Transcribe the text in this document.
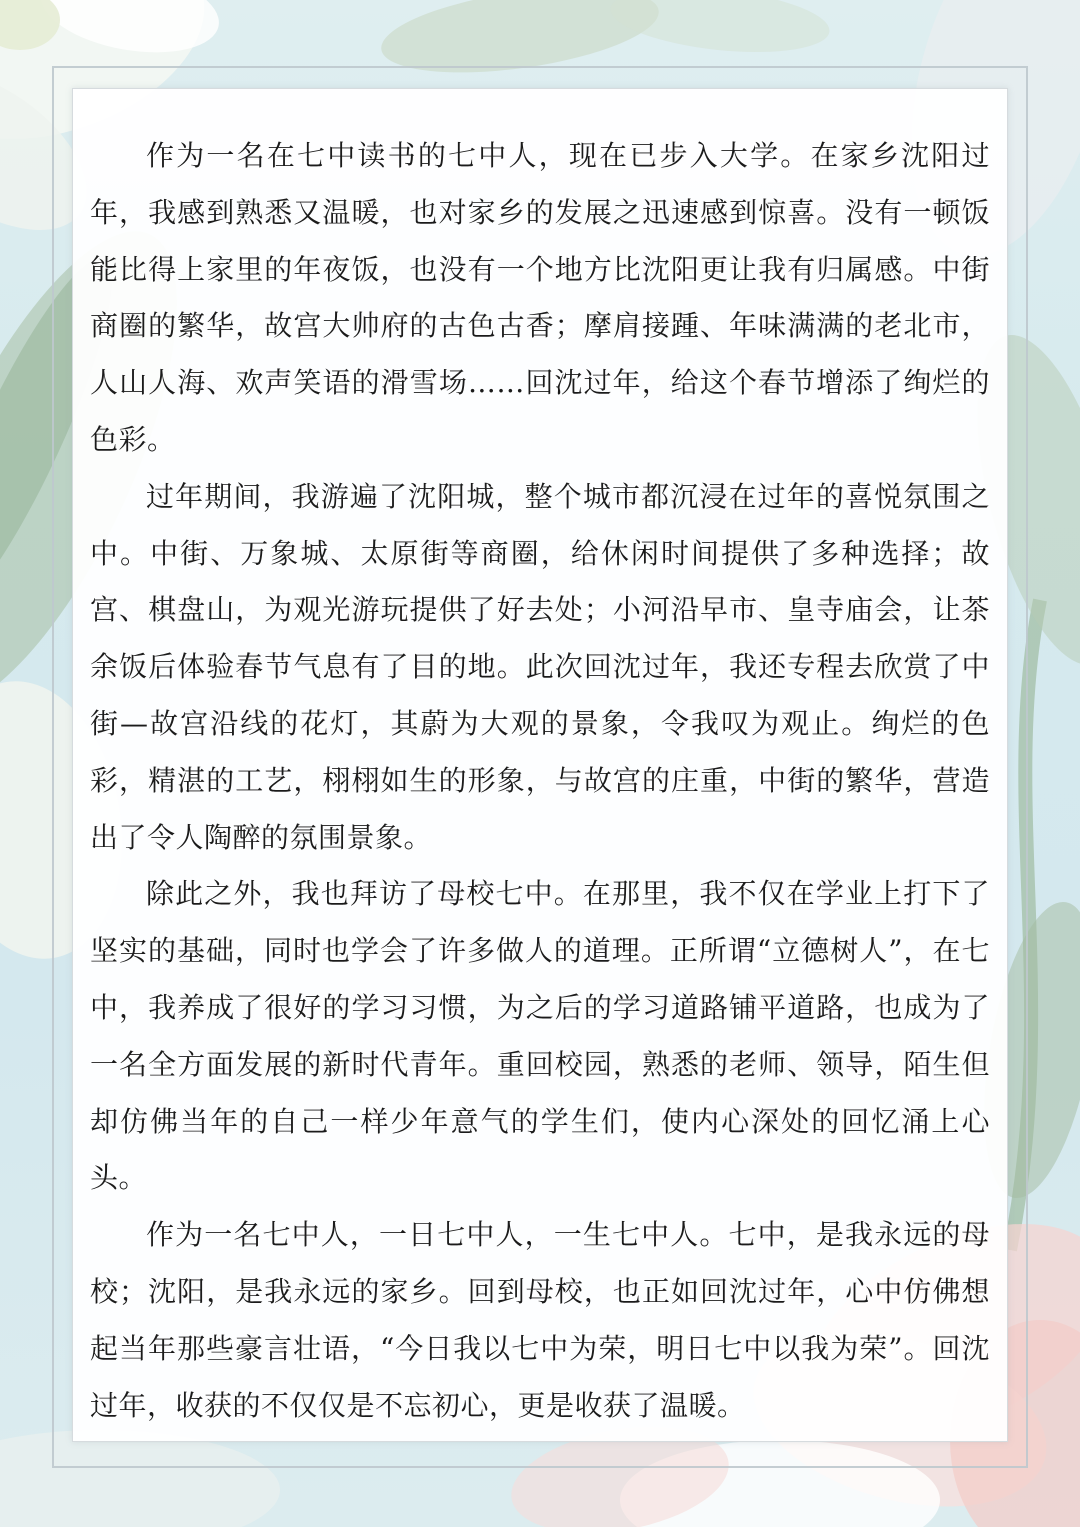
作为一名在七中读书的七中人，现在已步入大学。在家乡沈阳过年，我感到熟悉又温暖，也对家乡的发展之迅速感到惊喜。没有一顿饭能比得上家里的年夜饭，也没有一个地方比沈阳更让我有归属感。中街商圈的繁华，故宫大帅府的古色古香；摩肩接踵、年味满满的老北市，人山人海、欢声笑语的滑雪场……回沈过年，给这个春节增添了绚烂的色彩。

过年期间，我游遍了沈阳城，整个城市都沉浸在过年的喜悦氛围之中。中街、万象城、太原街等商圈，给休闲时间提供了多种选择；故宫、棋盘山，为观光游玩提供了好去处；小河沿早市、皇寺庙会，让茶余饭后体验春节气息有了目的地。此次回沈过年，我还专程去欣赏了中街—故宫沿线的花灯，其蔚为大观的景象，令我叹为观止。绚烂的色彩，精湛的工艺，栩栩如生的形象，与故宫的庄重，中街的繁华，营造出了令人陶醉的氛围景象。

除此之外，我也拜访了母校七中。在那里，我不仅在学业上打下了坚实的基础，同时也学会了许多做人的道理。正所谓“立德树人”，在七中，我养成了很好的学习习惯，为之后的学习道路铺平道路，也成为了一名全方面发展的新时代青年。重回校园，熟悉的老师、领导，陌生但却仿佛当年的自己一样少年意气的学生们，使内心深处的回忆涌上心头。

作为一名七中人，一日七中人，一生七中人。七中，是我永远的母校；沈阳，是我永远的家乡。回到母校，也正如回沈过年，心中仿佛想起当年那些豪言壮语，“今日我以七中为荣，明日七中以我为荣”。回沈过年，收获的不仅仅是不忘初心，更是收获了温暖。
